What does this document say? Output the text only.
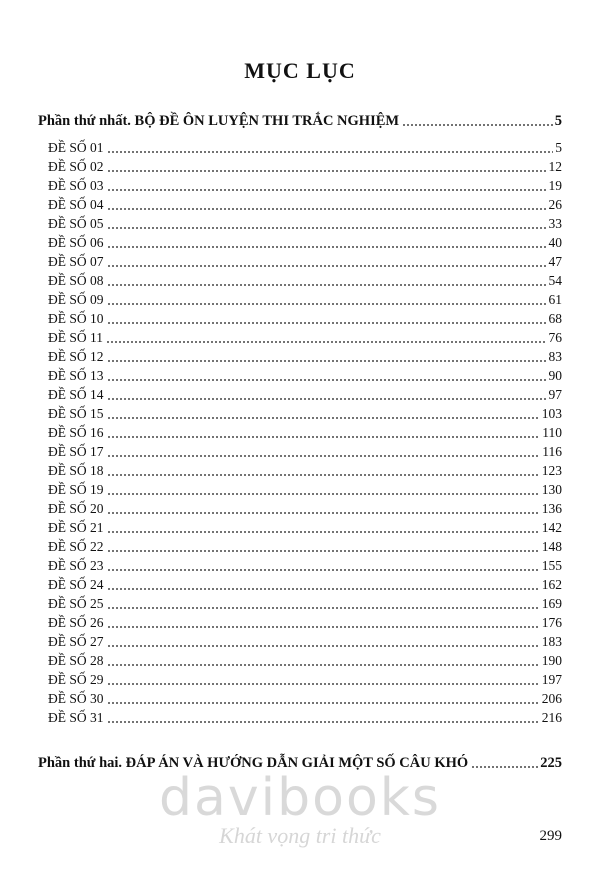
MỤC LỤC
Phần thứ nhất. BỘ ĐỀ ÔN LUYỆN THI TRẮC NGHIỆM	5
ĐỀ SỐ 01	5
ĐỀ SỐ 02	12
ĐỀ SỐ 03	19
ĐỀ SỐ 04	26
ĐỀ SỐ 05	33
ĐỀ SỐ 06	40
ĐỀ SỐ 07	47
ĐỀ SỐ 08	54
ĐỀ SỐ 09	61
ĐỀ SỐ 10	68
ĐỀ SỐ 11	76
ĐỀ SỐ 12	83
ĐỀ SỐ 13	90
ĐỀ SỐ 14	97
ĐỀ SỐ 15	103
ĐỀ SỐ 16	110
ĐỀ SỐ 17	116
ĐỀ SỐ 18	123
ĐỀ SỐ 19	130
ĐỀ SỐ 20	136
ĐỀ SỐ 21	142
ĐỀ SỐ 22	148
ĐỀ SỐ 23	155
ĐỀ SỐ 24	162
ĐỀ SỐ 25	169
ĐỀ SỐ 26	176
ĐỀ SỐ 27	183
ĐỀ SỐ 28	190
ĐỀ SỐ 29	197
ĐỀ SỐ 30	206
ĐỀ SỐ 31	216
Phần thứ hai. ĐÁP ÁN VÀ HƯỚNG DẪN GIẢI MỘT SỐ CÂU KHÓ	225
davibooks
Khát vọng tri thức	299
